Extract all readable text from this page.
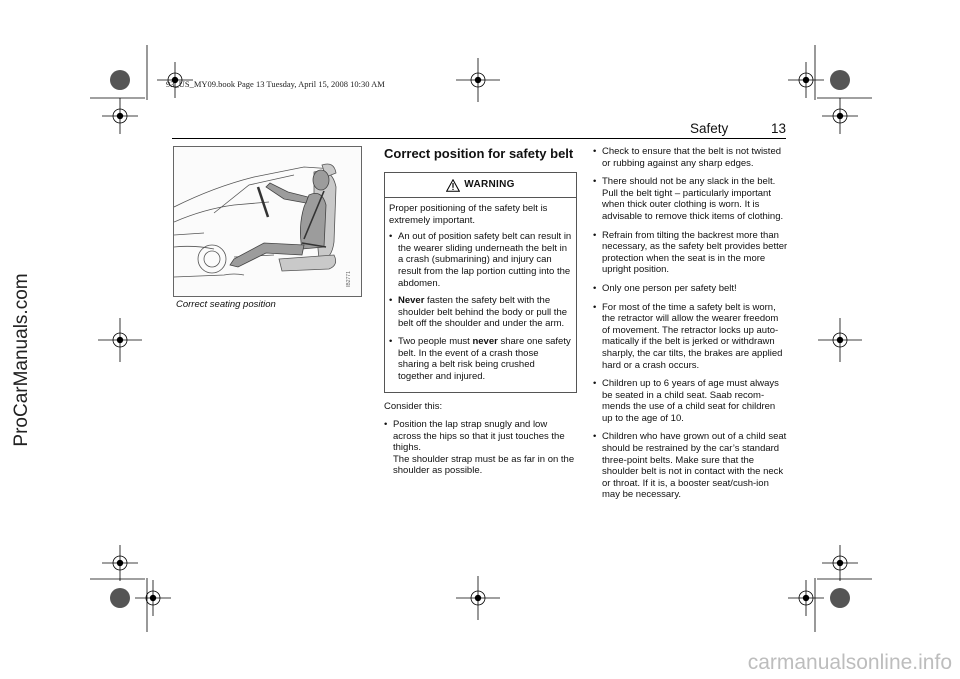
93_US_MY09.book Page 13 Tuesday, April 15, 2008 10:30 AM
Safety	13
IB2771
Correct seating position
Correct position for safety belt
WARNING

Proper positioning of the safety belt is extremely important.

• An out of position safety belt can result in the wearer sliding underneath the belt in a crash (submarining) and injury can result from the lap portion cutting into the abdomen.
• Never fasten the safety belt with the shoulder belt behind the body or pull the belt off the shoulder and under the arm.
• Two people must never share one safety belt. In the event of a crash those sharing a belt risk being crushed together and injured.

Consider this:

• Position the lap strap snugly and low across the hips so that it just touches the thighs.
The shoulder strap must be as far in on the shoulder as possible.
• Check to ensure that the belt is not twisted or rubbing against any sharp edges.
• There should not be any slack in the belt. Pull the belt tight – particularly important when thick outer clothing is worn. It is advisable to remove thick items of clothing.
• Refrain from tilting the backrest more than necessary, as the safety belt provides better protection when the seat is in the more upright position.
• Only one person per safety belt!
• For most of the time a safety belt is worn, the retractor will allow the wearer freedom of movement. The retractor locks up auto-matically if the belt is jerked or withdrawn sharply, the car tilts, the brakes are applied hard or a crash occurs.
• Children up to 6 years of age must always be seated in a child seat. Saab recom-mends the use of a child seat for children up to the age of 10.
• Children who have grown out of a child seat should be restrained by the car’s standard three-point belts. Make sure that the shoulder belt is not in contact with the neck or throat. If it is, a booster seat/cush-ion may be necessary.
ProCarManuals.com
carmanualsonline.info
